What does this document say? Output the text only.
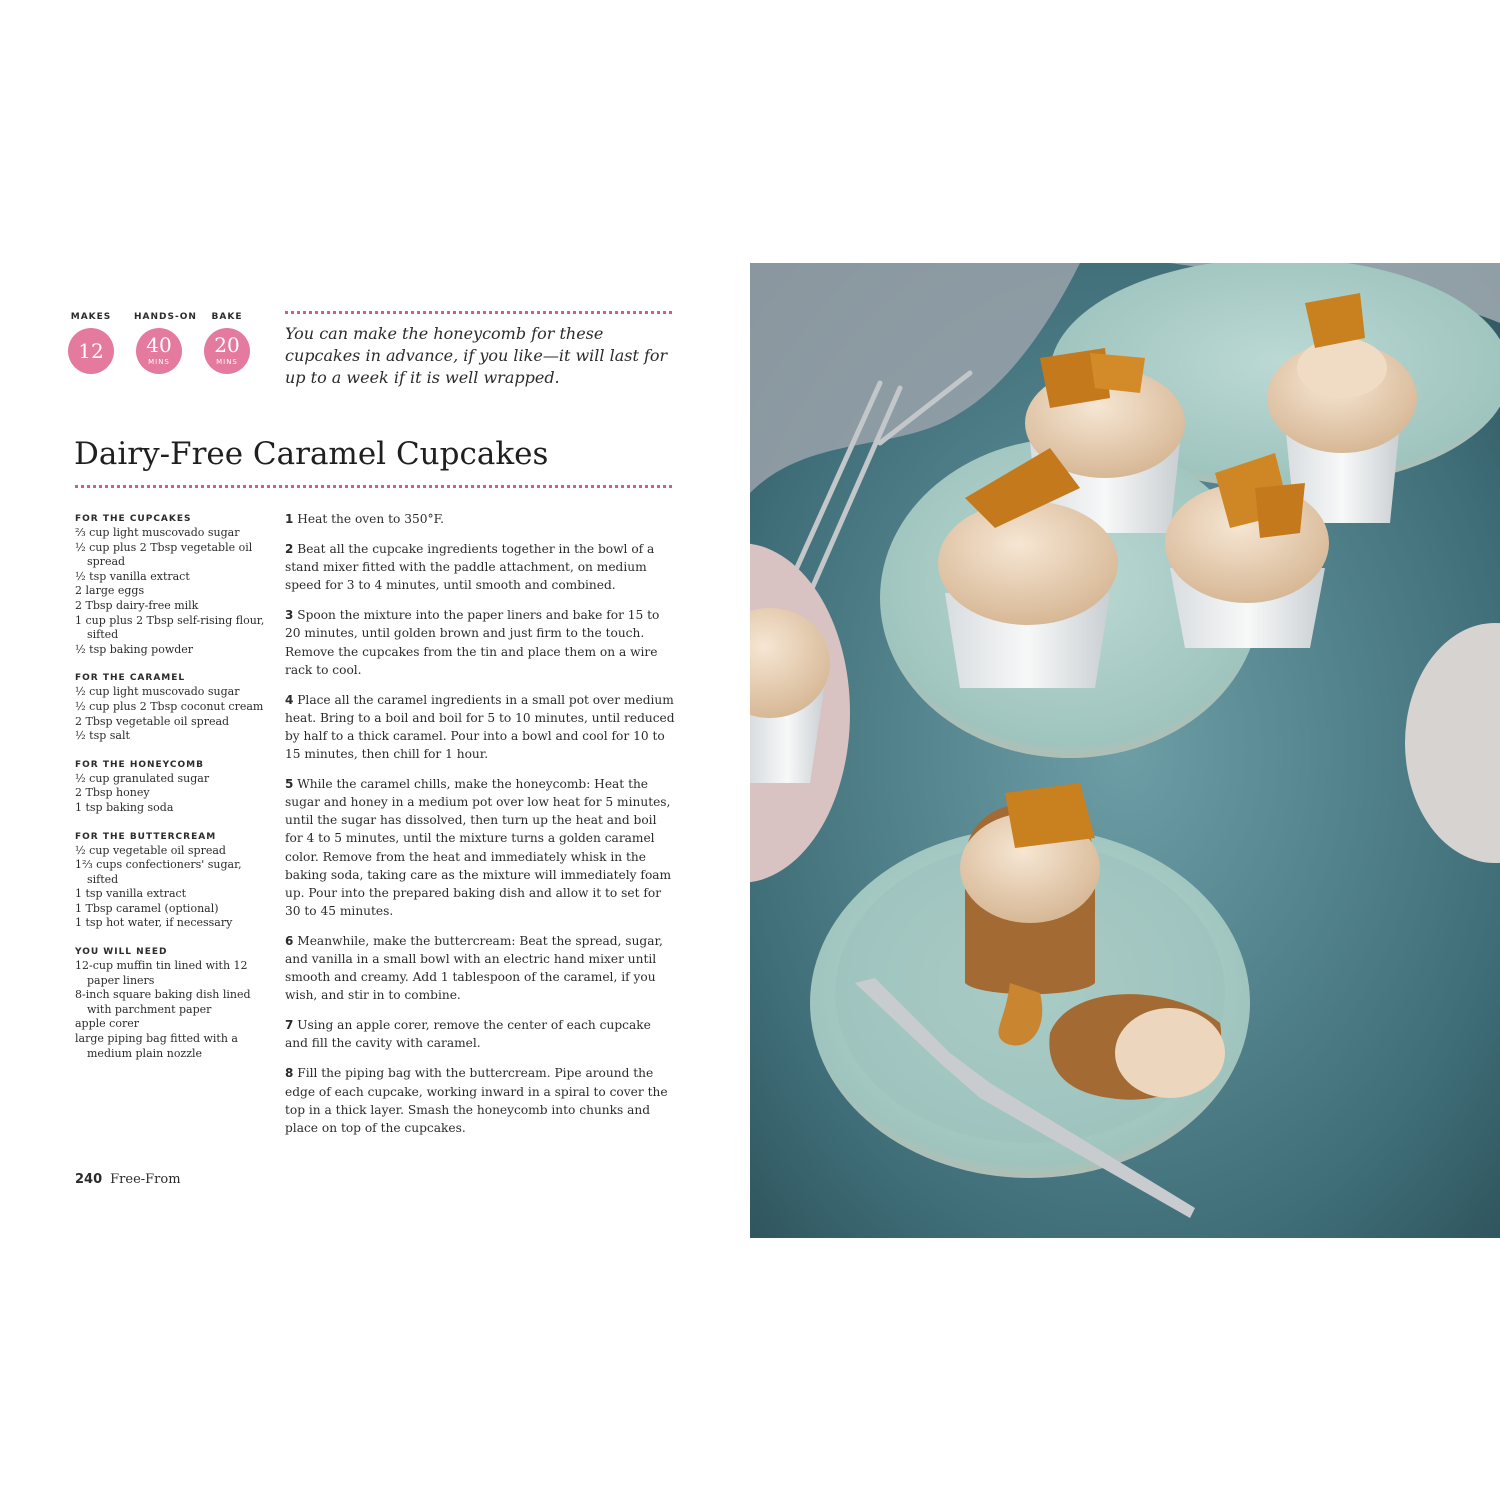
MAKES
12
HANDS-ON
40
MINS
BAKE
20
MINS

You can make the honeycomb for these cupcakes in advance, if you like—it will last for up to a week if it is well wrapped.

Dairy-Free Caramel Cupcakes
FOR THE CUPCAKES
⅔ cup light muscovado sugar
½ cup plus 2 Tbsp vegetable oil spread
½ tsp vanilla extract
2 large eggs
2 Tbsp dairy-free milk
1 cup plus 2 Tbsp self-rising flour, sifted
½ tsp baking powder
FOR THE CARAMEL
½ cup light muscovado sugar
½ cup plus 2 Tbsp coconut cream
2 Tbsp vegetable oil spread
½ tsp salt
FOR THE HONEYCOMB
½ cup granulated sugar
2 Tbsp honey
1 tsp baking soda
FOR THE BUTTERCREAM
½ cup vegetable oil spread
1⅔ cups confectioners' sugar, sifted
1 tsp vanilla extract
1 Tbsp caramel (optional)
1 tsp hot water, if necessary
YOU WILL NEED
12-cup muffin tin lined with 12 paper liners
8-inch square baking dish lined with parchment paper
apple corer
large piping bag fitted with a medium plain nozzle

1 Heat the oven to 350°F.

2 Beat all the cupcake ingredients together in the bowl of a stand mixer fitted with the paddle attachment, on medium speed for 3 to 4 minutes, until smooth and combined.

3 Spoon the mixture into the paper liners and bake for 15 to 20 minutes, until golden brown and just firm to the touch. Remove the cupcakes from the tin and place them on a wire rack to cool.

4 Place all the caramel ingredients in a small pot over medium heat. Bring to a boil and boil for 5 to 10 minutes, until reduced by half to a thick caramel. Pour into a bowl and cool for 10 to 15 minutes, then chill for 1 hour.

5 While the caramel chills, make the honeycomb: Heat the sugar and honey in a medium pot over low heat for 5 minutes, until the sugar has dissolved, then turn up the heat and boil for 4 to 5 minutes, until the mixture turns a golden caramel color. Remove from the heat and immediately whisk in the baking soda, taking care as the mixture will immediately foam up. Pour into the prepared baking dish and allow it to set for 30 to 45 minutes.

6 Meanwhile, make the buttercream: Beat the spread, sugar, and vanilla in a small bowl with an electric hand mixer until smooth and creamy. Add 1 tablespoon of the caramel, if you wish, and stir in to combine.

7 Using an apple corer, remove the center of each cupcake and fill the cavity with caramel.

8 Fill the piping bag with the buttercream. Pipe around the edge of each cupcake, working inward in a spiral to cover the top in a thick layer. Smash the honeycomb into chunks and place on top of the cupcakes.

240 Free-From
